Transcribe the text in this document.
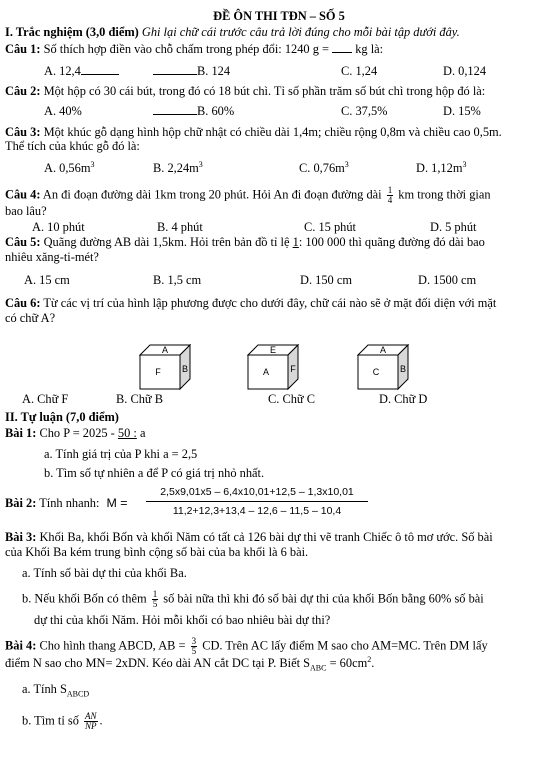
ĐỀ ÔN THI TĐN – SỐ 5
I. Trắc nghiệm (3,0 điểm) Ghi lại chữ cái trước câu trả lời đúng cho mỗi bài tập dưới đây.
Câu 1: Số thích hợp điền vào chỗ chấm trong phép đổi: 1240 g = kg là:
A. 12,4	B. 124	C. 1,24	D. 0,124
Câu 2: Một hộp có 30 cái bút, trong đó có 18 bút chì. Tỉ số phần trăm số bút chì trong hộp đó là:
A. 40%	B. 60%	C. 37,5%	D. 15%
Câu 3: Một khúc gỗ dạng hình hộp chữ nhật có chiều dài 1,4m; chiều rộng 0,8m và chiều cao 0,5m.
Thể tích của khúc gỗ đó là:
A. $0,56m^3$	B. $2,24m^3$	C. $0,76m^3$	D. $1,12m^3$
Câu 4: An đi đoạn đường dài 1km trong 20 phút. Hỏi An đi đoạn đường dài $\frac{1}{4}$ km trong thời gian
bao lâu?
A. 10 phút	B. 4 phút	C. 15 phút	D. 5 phút
Câu 5: Quãng đường AB dài 1,5km. Hỏi trên bản đồ tỉ lệ 1: 100 000 thì quãng đường đó dài bao
nhiêu xăng-ti-mét?
A. 15 cm	B. 1,5 cm	D. 150 cm	D. 1500 cm
Câu 6: Từ các vị trí của hình lập phương được cho dưới đây, chữ cái nào sẽ ở mặt đối diện với mặt
có chữ A?
A
F B
E
A F
A
C B
A. Chữ F	B. Chữ B	C. Chữ C	D. Chữ D
II. Tự luận (7,0 điểm)
Bài 1: Cho P = 2025 - 50 : a
a. Tính giá trị của P khi a = 2,5
b. Tìm số tự nhiên a để P có giá trị nhỏ nhất.
Bài 2: Tính nhanh: $M = \frac{2,5x9,01x5 - 6,4x10,01+12,5 - 1,3x10,01}{11,2+12,3+13,4 - 12,6 - 11,5 - 10,4}$
Bài 3: Khối Ba, khối Bốn và khối Năm có tất cả 126 bài dự thi vẽ tranh Chiếc ô tô mơ ước. Số bài
của Khối Ba kém trung bình cộng số bài của ba khối là 6 bài.
a. Tính số bài dự thi của khối Ba.
b. Nếu khối Bốn có thêm $\frac{1}{5}$ số bài nữa thì khi đó số bài dự thi của khối Bốn bằng 60% số bài
dự thi của khối Năm. Hỏi mỗi khối có bao nhiêu bài dự thi?
Bài 4: Cho hình thang ABCD, AB = $\frac{3}{5}$ CD. Trên AC lấy điểm M sao cho AM=MC. Trên DM lấy
điểm N sao cho MN= 2xDN. Kéo dài AN cắt DC tại P. Biết $S_{ABC} = 60cm^2$.
a. Tính $S_{ABCD}$
b. Tìm tỉ số $\frac{AN}{NP}$ .
